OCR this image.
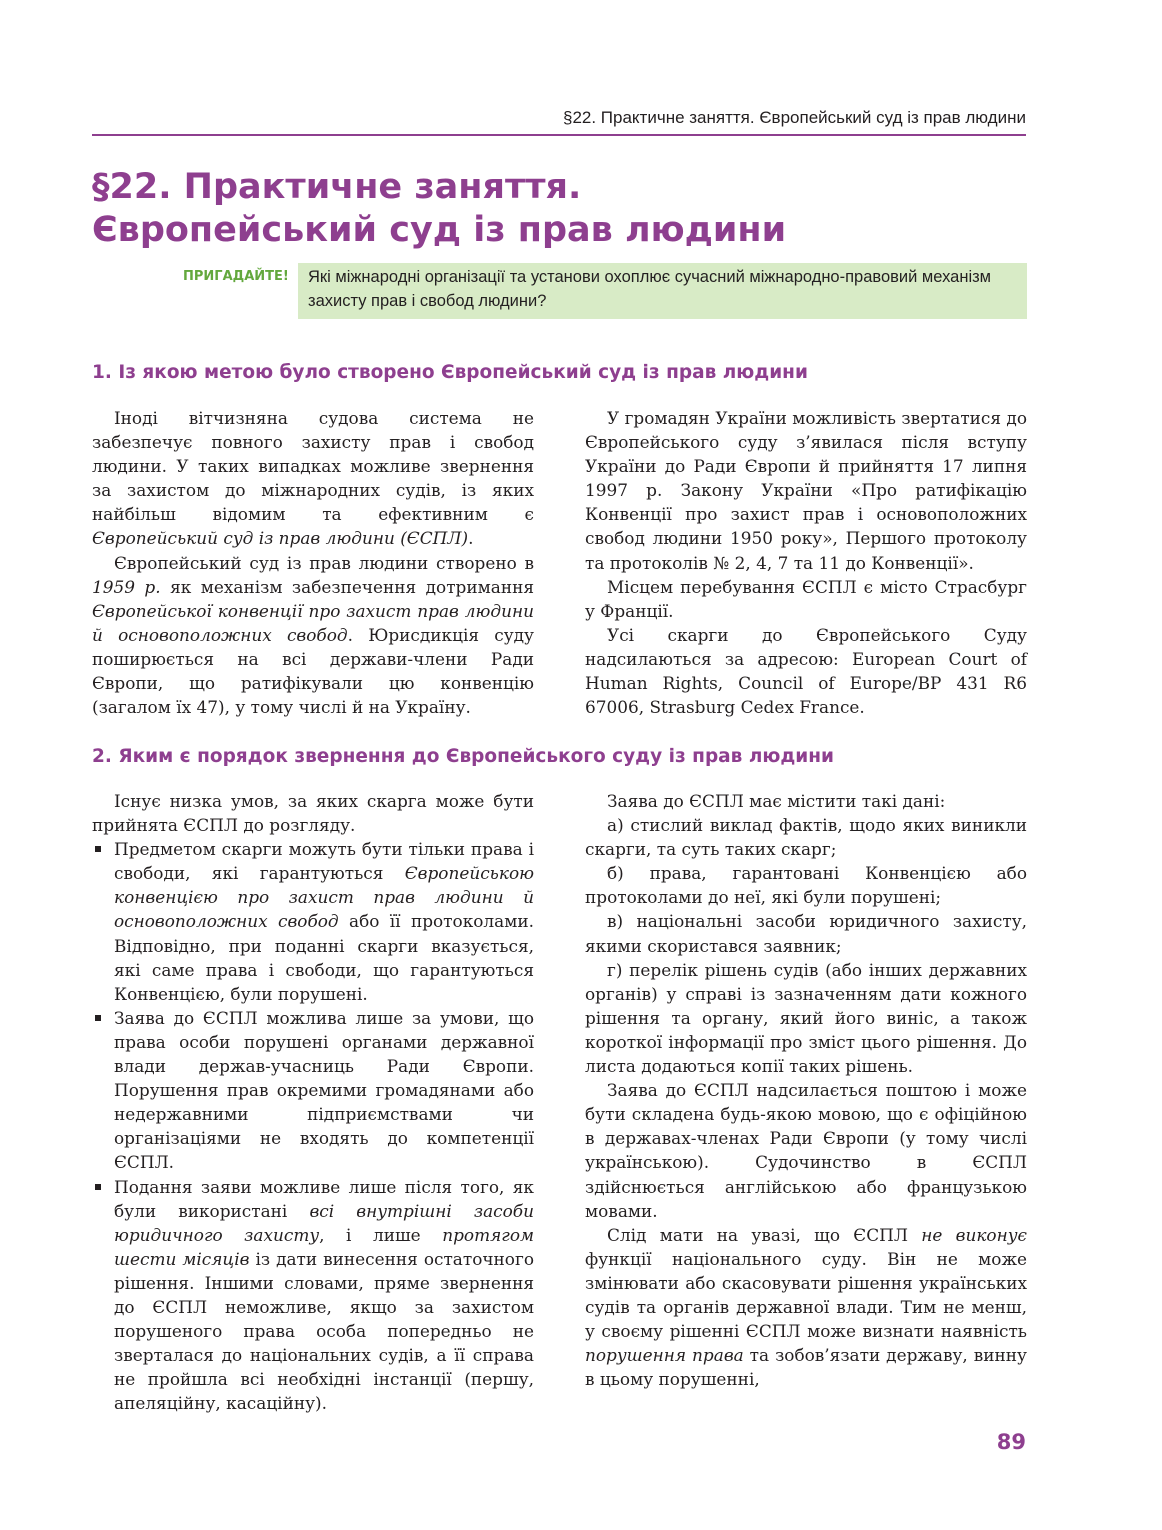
§22. Практичне заняття. Європейський суд із прав людини
§22. Практичне заняття.
Європейський суд із прав людини
ПРИГАДАЙТЕ!	Які міжнародні організації та установи охоплює сучасний міжнародно-правовий механізм захисту прав і свобод людини?
1. Із якою метою було створено Європейський суд із прав людини

Іноді вітчизняна судова система не забезпечує повного захисту прав і свобод людини. У таких випадках можливе звернення за захистом до міжнародних судів, із яких найбільш відомим та ефективним є Європейський суд із прав людини (ЄСПЛ).

Європейський суд із прав людини створено в 1959 р. як механізм забезпечення дотримання Європейської конвенції про захист прав людини й основоположних свобод. Юрисдикція суду поширюється на всі держави-члени Ради Європи, що ратифікували цю конвенцію (загалом їх 47), у тому числі й на Україну.

У громадян України можливість звертатися до Європейського суду з’явилася після вступу України до Ради Європи й прийняття 17 липня 1997 р. Закону України «Про ратифікацію Конвенції про захист прав і основоположних свобод людини 1950 року», Першого протоколу та протоколів № 2, 4, 7 та 11 до Конвенції».

Місцем перебування ЄСПЛ є місто Страсбург у Франції.

Усі скарги до Європейського Суду надсилаються за адресою: European Court of Human Rights, Council of Europe/BP 431 R6 67006, Strasburg Cedex France.

2. Яким є порядок звернення до Європейського суду із прав людини

Існує низка умов, за яких скарга може бути прийнята ЄСПЛ до розгляду.

Предметом скарги можуть бути тільки права і свободи, які гарантуються Європейською конвенцією про захист прав людини й основоположних свобод або її протоколами. Відповідно, при поданні скарги вказується, які саме права і свободи, що гарантуються Конвенцією, були порушені.
Заява до ЄСПЛ можлива лише за умови, що права особи порушені органами державної влади держав-учасниць Ради Європи. Порушення прав окремими громадянами або недержавними підприємствами чи організаціями не входять до компетенції ЄСПЛ.
Подання заяви можливе лише після того, як були використані всі внутрішні засоби юридичного захисту, і лише протягом шести місяців із дати винесення остаточного рішення. Іншими словами, пряме звернення до ЄСПЛ неможливе, якщо за захистом порушеного права особа попередньо не зверталася до національних судів, а її справа не пройшла всі необхідні інстанції (першу, апеляційну, касаційну).

Заява до ЄСПЛ має містити такі дані:

а) стислий виклад фактів, щодо яких виникли скарги, та суть таких скарг;

б) права, гарантовані Конвенцією або протоколами до неї, які були порушені;

в) національні засоби юридичного захисту, якими скористався заявник;

г) перелік рішень судів (або інших державних органів) у справі із зазначенням дати кожного рішення та органу, який його виніс, а також короткої інформації про зміст цього рішення. До листа додаються копії таких рішень.

Заява до ЄСПЛ надсилається поштою і може бути складена будь-якою мовою, що є офіційною в державах-членах Ради Європи (у тому числі українською). Судочинство в ЄСПЛ здійснюється англійською або французькою мовами.

Слід мати на увазі, що ЄСПЛ не виконує функції національного суду. Він не може змінювати або скасовувати рішення українських судів та органів державної влади. Тим не менш, у своєму рішенні ЄСПЛ може визнати наявність порушення права та зобов’язати державу, винну в цьому порушенні,

89
